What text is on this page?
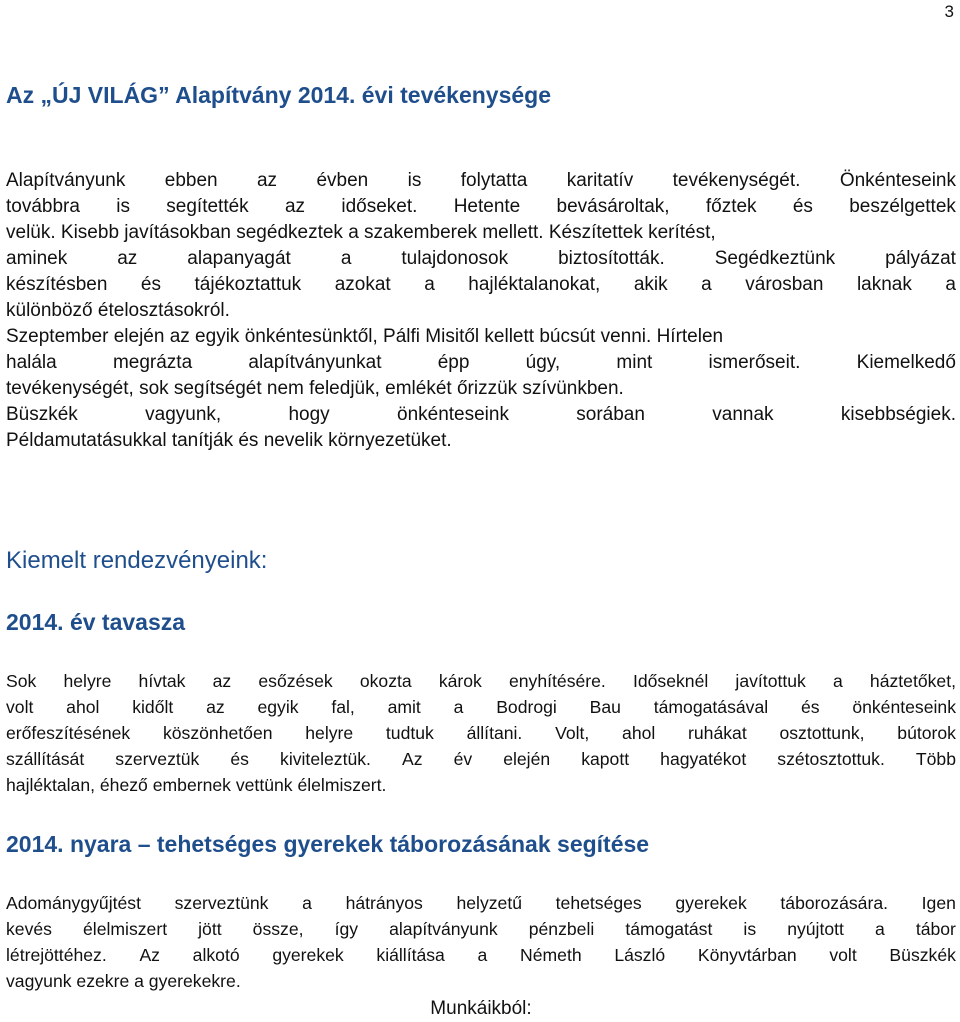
3
Az „ÚJ VILÁG” Alapítvány 2014. évi tevékenysége
Alapítványunk ebben az évben is folytatta karitatív tevékenységét. Önkénteseink
továbbra is segítették az időseket. Hetente bevásároltak, főztek és beszélgettek
velük. Kisebb javításokban segédkeztek a szakemberek mellett. Készítettek kerítést,
aminek	az	alapanyagát	a	tulajdonosok	biztosították.	Segédkeztünk	pályázat
készítésben és tájékoztattuk azokat a hajléktalanokat, akik a városban laknak a
különböző ételosztásokról.
Szeptember elején az egyik önkéntesünktől, Pálfi Misitől kellett búcsút venni. Hírtelen
halála	megrázta	alapítványunkat	épp	úgy,	mint	ismerőseit.	Kiemelkedő
tevékenységét, sok segítségét nem feledjük, emlékét őrizzük szívünkben.
Büszkék	vagyunk,	hogy	önkénteseink	sorában	vannak	kisebbségiek.
Példamutatásukkal tanítják és nevelik környezetüket.
Kiemelt rendezvényeink:
2014. év tavasza
Sok helyre hívtak az esőzések okozta károk enyhítésére. Időseknél javítottuk a háztetőket,
volt ahol kidőlt az egyik fal, amit a Bodrogi Bau támogatásával és önkénteseink
erőfeszítésének köszönhetően helyre tudtuk állítani. Volt, ahol ruhákat osztottunk, bútorok
szállítását szerveztük és kiviteleztük. Az év elején kapott hagyatékot szétosztottuk. Több
hajléktalan, éhező embernek vettünk élelmiszert.
2014. nyara – tehetséges gyerekek táborozásának segítése
Adománygyűjtést szerveztünk a hátrányos helyzetű tehetséges gyerekek táborozására. Igen
kevés élelmiszert jött össze, így alapítványunk pénzbeli támogatást is nyújtott a tábor
létrejöttéhez. Az alkotó gyerekek kiállítása a Németh László Könyvtárban volt Büszkék
vagyunk ezekre a gyerekekre.
Munkáikból:
